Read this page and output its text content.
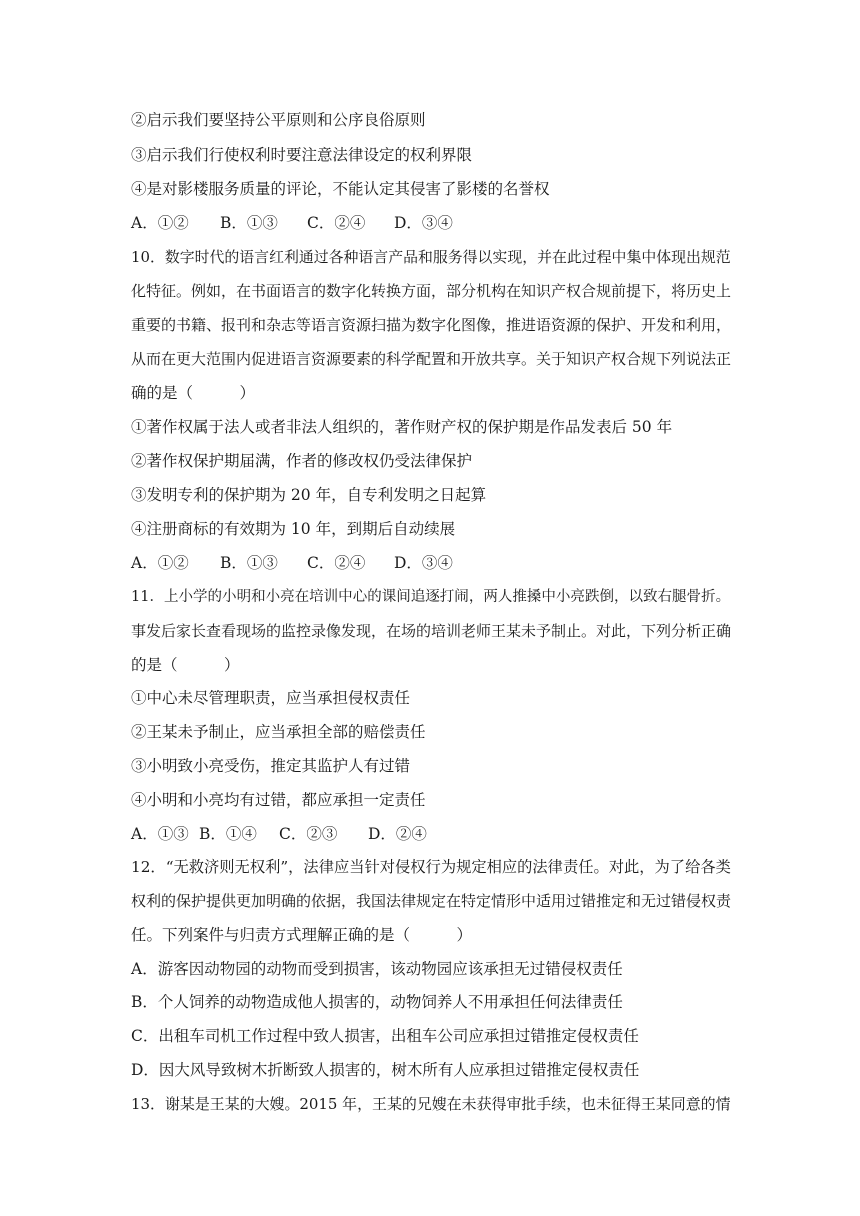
②启示我们要坚持公平原则和公序良俗原则

③启示我们行使权利时要注意法律设定的权利界限

④是对影楼服务质量的评论，不能认定其侵害了影楼的名誉权

A．①② B．①③ C．②④ D．③④

10．数字时代的语言红利通过各种语言产品和服务得以实现，并在此过程中集中体现出规范

化特征。例如，在书面语言的数字化转换方面，部分机构在知识产权合规前提下，将历史上

重要的书籍、报刊和杂志等语言资源扫描为数字化图像，推进语资源的保护、开发和利用，

从而在更大范围内促进语言资源要素的科学配置和开放共享。关于知识产权合规下列说法正

确的是（　　　）

①著作权属于法人或者非法人组织的，著作财产权的保护期是作品发表后 50 年

②著作权保护期届满，作者的修改权仍受法律保护

③发明专利的保护期为 20 年，自专利发明之日起算

④注册商标的有效期为 10 年，到期后自动续展

A．①② B．①③ C．②④ D．③④

11．上小学的小明和小亮在培训中心的课间追逐打闹，两人推搡中小亮跌倒，以致右腿骨折。

事发后家长查看现场的监控录像发现，在场的培训老师王某未予制止。对此，下列分析正确

的是（　　　）

①中心未尽管理职责，应当承担侵权责任

②王某未予制止，应当承担全部的赔偿责任

③小明致小亮受伤，推定其监护人有过错

④小明和小亮均有过错，都应承担一定责任

A．①③ B．①④ C．②③ D．②④

12．“无救济则无权利”，法律应当针对侵权行为规定相应的法律责任。对此，为了给各类

权利的保护提供更加明确的依据，我国法律规定在特定情形中适用过错推定和无过错侵权责

任。下列案件与归责方式理解正确的是（　　　）

A．游客因动物园的动物而受到损害，该动物园应该承担无过错侵权责任

B．个人饲养的动物造成他人损害的，动物饲养人不用承担任何法律责任

C．出租车司机工作过程中致人损害，出租车公司应承担过错推定侵权责任

D．因大风导致树木折断致人损害的，树木所有人应承担过错推定侵权责任

13．谢某是王某的大嫂。2015 年，王某的兄嫂在未获得审批手续，也未征得王某同意的情
